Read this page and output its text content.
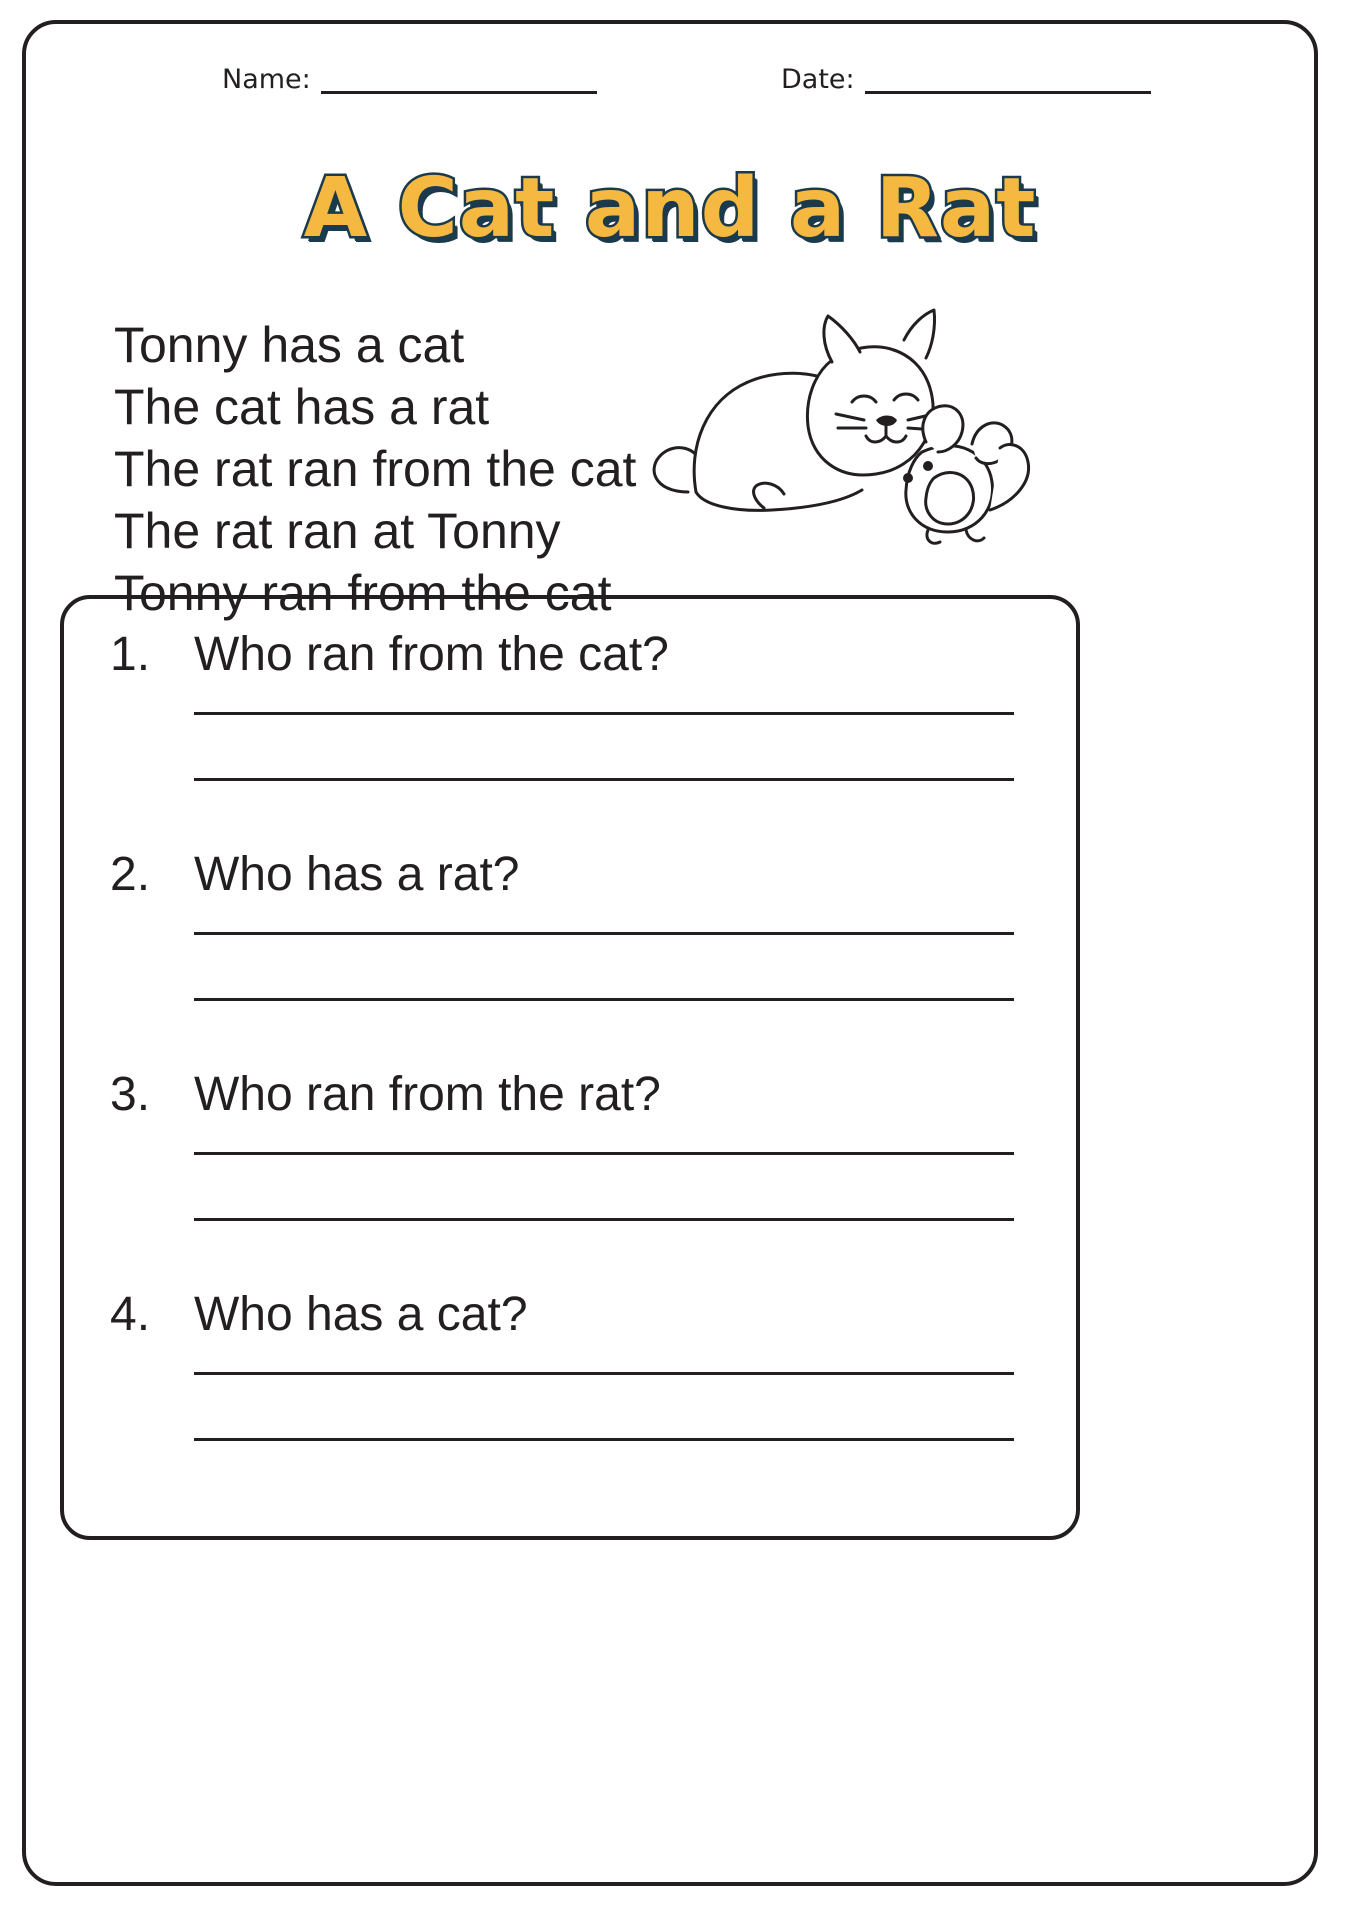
Name:	Date:
A Cat and a Rat
Tonny has a cat
The cat has a rat
The rat ran from the cat
The rat ran at Tonny
Tonny ran from the cat
1. Who ran from the cat?
2. Who has a rat?
3. Who ran from the rat?
4. Who has a cat?
